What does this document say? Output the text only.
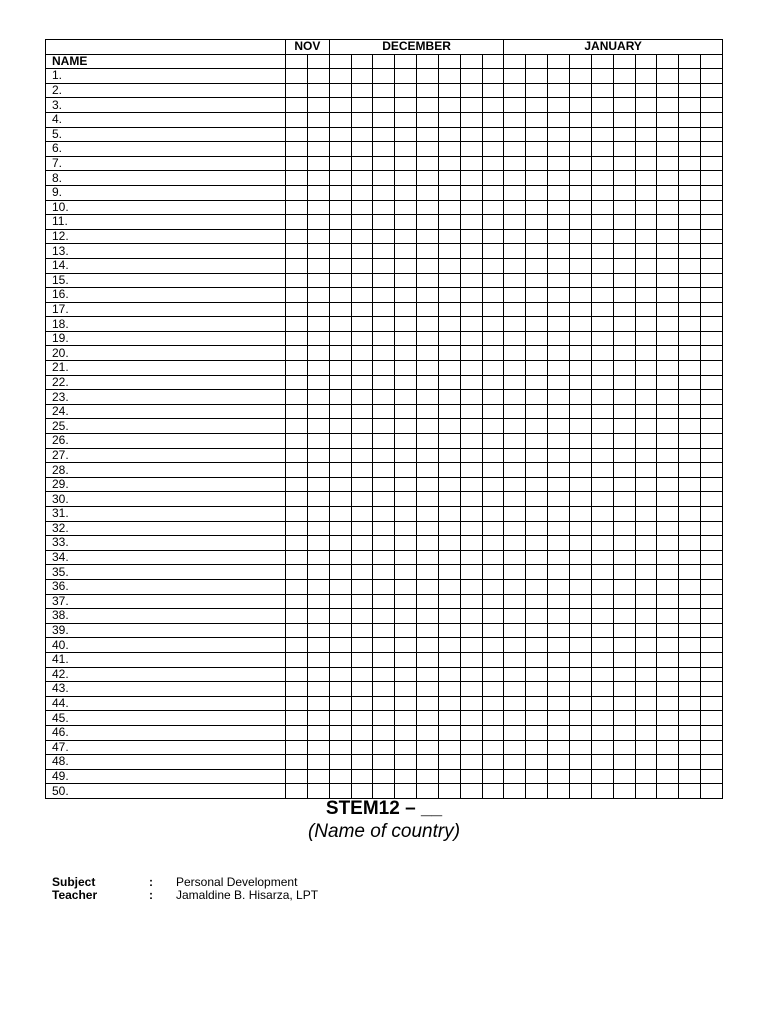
	NOV		DECEMBER								JANUARY									
NAME																				
1.																				
2.																				
3.																				
4.																				
5.																				
6.																				
7.																				
8.																				
9.																				
10.																				
11.																				
12.																				
13.																				
14.																				
15.																				
16.																				
17.																				
18.																				
19.																				
20.																				
21.																				
22.																				
23.																				
24.																				
25.																				
26.																				
27.																				
28.																				
29.																				
30.																				
31.																				
32.																				
33.																				
34.																				
35.																				
36.																				
37.																				
38.																				
39.																				
40.																				
41.																				
42.																				
43.																				
44.																				
45.																				
46.																				
47.																				
48.																				
49.																				
50.																				
STEM12 – __
(Name of country)
Subject	: Personal Development
Teacher	: Jamaldine B. Hisarza, LPT
